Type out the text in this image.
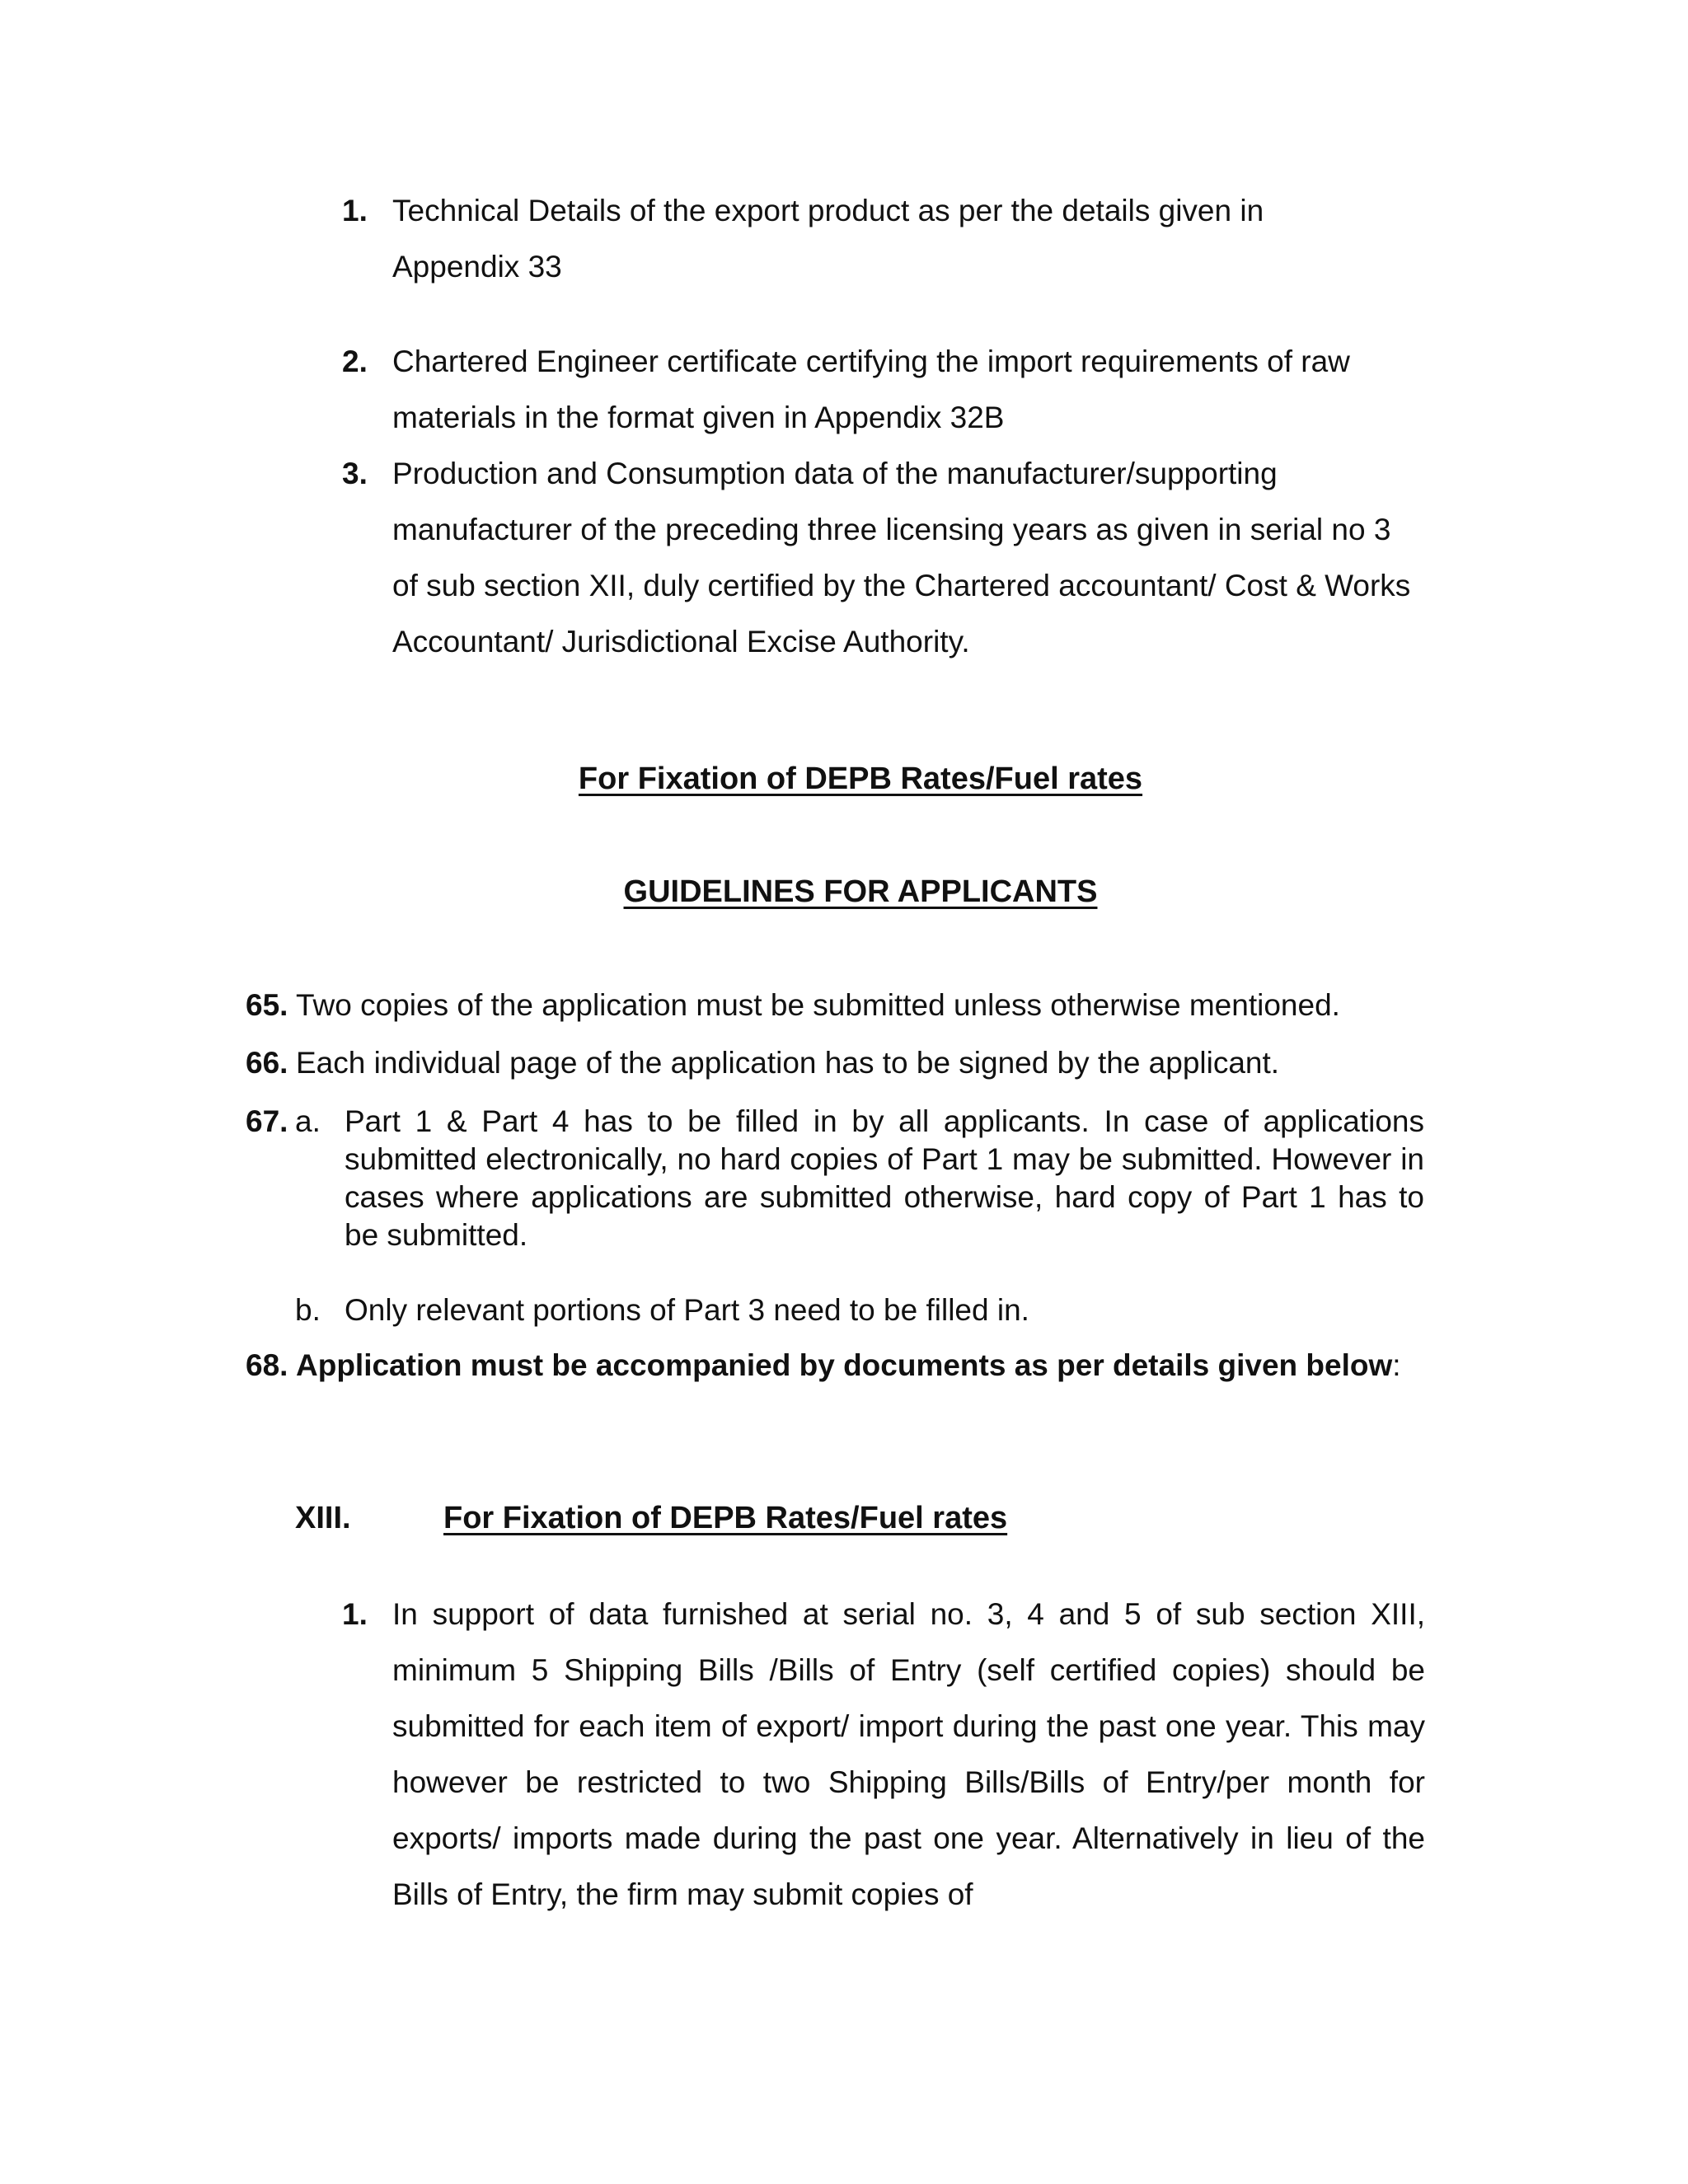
1. Technical Details of the export product as per the details given in Appendix 33
2. Chartered Engineer certificate certifying the import requirements of raw materials in the format given in Appendix 32B
3. Production and Consumption data of the manufacturer/supporting manufacturer of the preceding three licensing years as given in serial no 3 of sub section XII, duly certified by the Chartered accountant/ Cost & Works Accountant/ Jurisdictional Excise Authority.
For Fixation of DEPB Rates/Fuel rates
GUIDELINES FOR APPLICANTS
65. Two copies of the application must be submitted unless otherwise mentioned.
66. Each individual page of the application has to be signed by the applicant.
67. a. Part 1 & Part 4 has to be filled in by all applicants. In case of applications submitted electronically, no hard copies of Part 1 may be submitted. However in cases where applications are submitted otherwise, hard copy of Part 1 has to be submitted.
b. Only relevant portions of Part 3 need to be filled in.
68. Application must be accompanied by documents as per details given below:
XIII.	For Fixation of DEPB Rates/Fuel rates
1. In support of data furnished at serial no. 3, 4 and 5 of sub section XIII, minimum 5 Shipping Bills /Bills of Entry (self certified copies) should be submitted for each item of export/ import during the past one year. This may however be restricted to two Shipping Bills/Bills of Entry/per month for exports/ imports made during the past one year. Alternatively in lieu of the Bills of Entry, the firm may submit copies of
